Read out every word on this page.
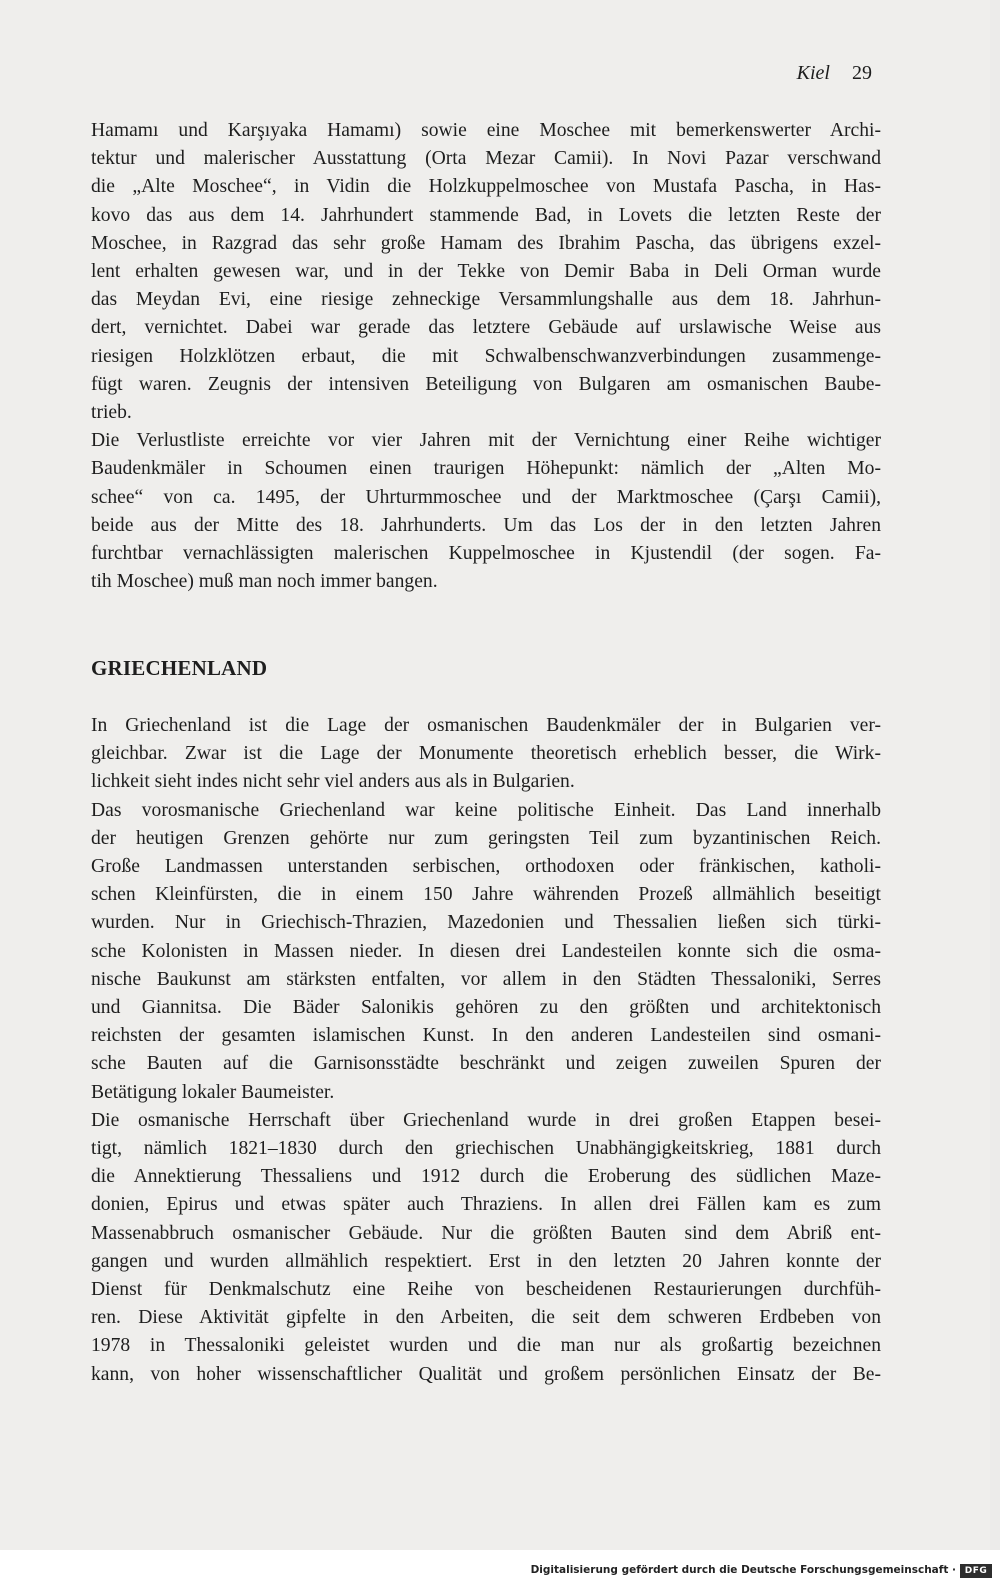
Kiel 29

Hamamı und Karşıyaka Hamamı) sowie eine Moschee mit bemerkenswerter Archi-
tektur und malerischer Ausstattung (Orta Mezar Camii). In Novi Pazar verschwand
die „Alte Moschee“, in Vidin die Holzkuppelmoschee von Mustafa Pascha, in Has-
kovo das aus dem 14. Jahrhundert stammende Bad, in Lovets die letzten Reste der
Moschee, in Razgrad das sehr große Hamam des Ibrahim Pascha, das übrigens exzel-
lent erhalten gewesen war, und in der Tekke von Demir Baba in Deli Orman wurde
das Meydan Evi, eine riesige zehneckige Versammlungshalle aus dem 18. Jahrhun-
dert, vernichtet. Dabei war gerade das letztere Gebäude auf urslawische Weise aus
riesigen Holzklötzen erbaut, die mit Schwalbenschwanzverbindungen zusammenge-
fügt waren. Zeugnis der intensiven Beteiligung von Bulgaren am osmanischen Baube-
trieb.

Die Verlustliste erreichte vor vier Jahren mit der Vernichtung einer Reihe wichtiger
Baudenkmäler in Schoumen einen traurigen Höhepunkt: nämlich der „Alten Mo-
schee“ von ca. 1495, der Uhrturmmoschee und der Marktmoschee (Çarşı Camii),
beide aus der Mitte des 18. Jahrhunderts. Um das Los der in den letzten Jahren
furchtbar vernachlässigten malerischen Kuppelmoschee in Kjustendil (der sogen. Fa-
tih Moschee) muß man noch immer bangen.

GRIECHENLAND

In Griechenland ist die Lage der osmanischen Baudenkmäler der in Bulgarien ver-
gleichbar. Zwar ist die Lage der Monumente theoretisch erheblich besser, die Wirk-
lichkeit sieht indes nicht sehr viel anders aus als in Bulgarien.

Das vorosmanische Griechenland war keine politische Einheit. Das Land innerhalb
der heutigen Grenzen gehörte nur zum geringsten Teil zum byzantinischen Reich.
Große Landmassen unterstanden serbischen, orthodoxen oder fränkischen, katholi-
schen Kleinfürsten, die in einem 150 Jahre währenden Prozeß allmählich beseitigt
wurden. Nur in Griechisch-Thrazien, Mazedonien und Thessalien ließen sich türki-
sche Kolonisten in Massen nieder. In diesen drei Landesteilen konnte sich die osma-
nische Baukunst am stärksten entfalten, vor allem in den Städten Thessaloniki, Serres
und Giannitsa. Die Bäder Salonikis gehören zu den größten und architektonisch
reichsten der gesamten islamischen Kunst. In den anderen Landesteilen sind osmani-
sche Bauten auf die Garnisonsstädte beschränkt und zeigen zuweilen Spuren der
Betätigung lokaler Baumeister.

Die osmanische Herrschaft über Griechenland wurde in drei großen Etappen besei-
tigt, nämlich 1821–1830 durch den griechischen Unabhängigkeitskrieg, 1881 durch
die Annektierung Thessaliens und 1912 durch die Eroberung des südlichen Maze-
donien, Epirus und etwas später auch Thraziens. In allen drei Fällen kam es zum
Massenabbruch osmanischer Gebäude. Nur die größten Bauten sind dem Abriß ent-
gangen und wurden allmählich respektiert. Erst in den letzten 20 Jahren konnte der
Dienst für Denkmalschutz eine Reihe von bescheidenen Restaurierungen durchfüh-
ren. Diese Aktivität gipfelte in den Arbeiten, die seit dem schweren Erdbeben von
1978 in Thessaloniki geleistet wurden und die man nur als großartig bezeichnen
kann, von hoher wissenschaftlicher Qualität und großem persönlichen Einsatz der Be-

Digitalisierung gefördert durch die Deutsche Forschungsgemeinschaft · DFG
